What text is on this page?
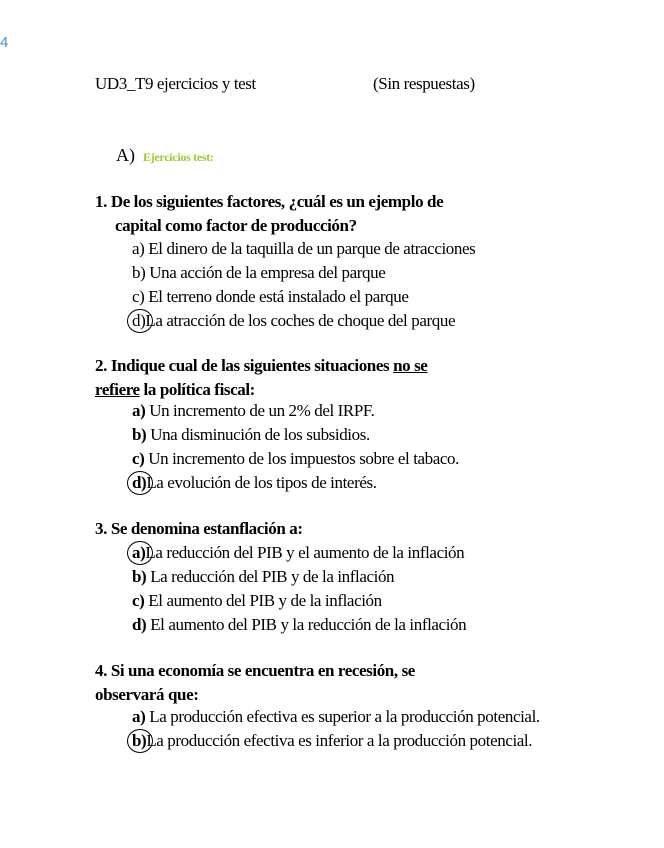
4
UD3_T9 ejercicios y test	(Sin respuestas)
A) Ejercicios test:
1. De los siguientes factores, ¿cuál es un ejemplo de
capital como factor de producción?
a) El dinero de la taquilla de un parque de atracciones
b) Una acción de la empresa del parque
c) El terreno donde está instalado el parque
d)La atracción de los coches de choque del parque
2. Indique cual de las siguientes situaciones no se
refiere la política fiscal:
a) Un incremento de un 2% del IRPF.
b) Una disminución de los subsidios.
c) Un incremento de los impuestos sobre el tabaco.
d)La evolución de los tipos de interés.
3. Se denomina estanflación a:
a)La reducción del PIB y el aumento de la inflación
b) La reducción del PIB y de la inflación
c) El aumento del PIB y de la inflación
d) El aumento del PIB y la reducción de la inflación
4. Si una economía se encuentra en recesión, se
observará que:
a) La producción efectiva es superior a la producción potencial.
b)La producción efectiva es inferior a la producción potencial.
